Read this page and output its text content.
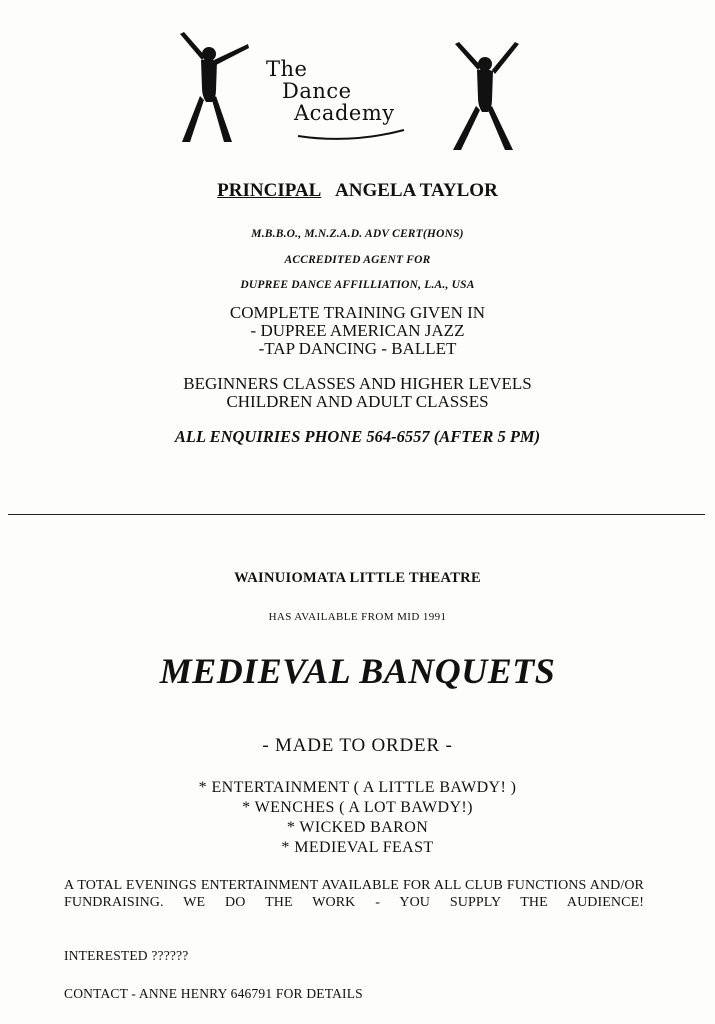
The
Dance
Academy
PRINCIPAL ANGELA TAYLOR
M.B.B.O., M.N.Z.A.D. ADV CERT(HONS)
ACCREDITED AGENT FOR
DUPREE DANCE AFFILLIATION, L.A., USA
COMPLETE TRAINING GIVEN IN
- DUPREE AMERICAN JAZZ
-TAP DANCING - BALLET
BEGINNERS CLASSES AND HIGHER LEVELS
CHILDREN AND ADULT CLASSES
ALL ENQUIRIES PHONE 564-6557 (AFTER 5 PM)
WAINUIOMATA LITTLE THEATRE
HAS AVAILABLE FROM MID 1991
MEDIEVAL BANQUETS
- MADE TO ORDER -
* ENTERTAINMENT ( A LITTLE BAWDY! )
* WENCHES ( A LOT BAWDY!)
* WICKED BARON
* MEDIEVAL FEAST
A TOTAL EVENINGS ENTERTAINMENT AVAILABLE FOR ALL CLUB FUNCTIONS AND/OR FUNDRAISING. WE DO THE WORK - YOU SUPPLY THE AUDIENCE!
INTERESTED ??????
CONTACT - ANNE HENRY 646791 FOR DETAILS
